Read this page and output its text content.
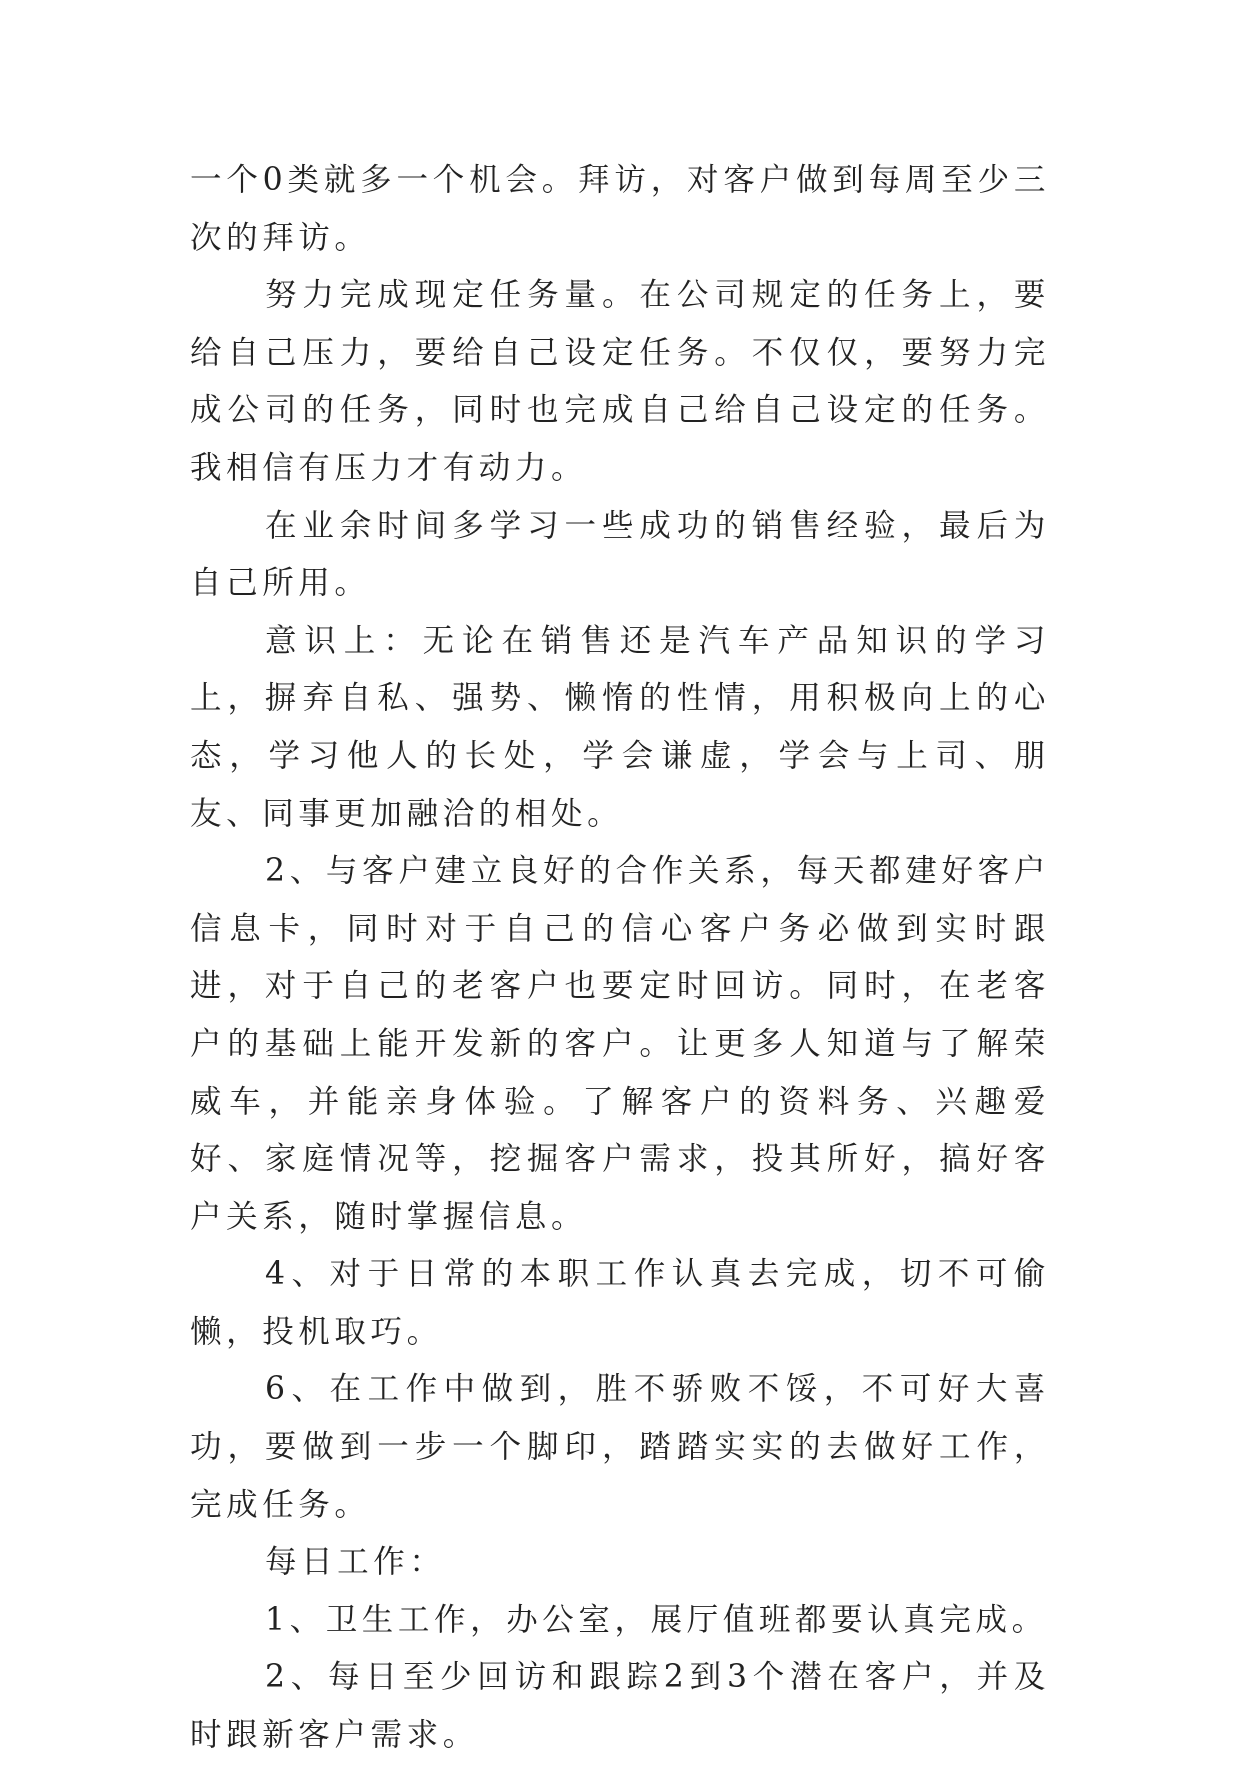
一个0类就多一个机会。拜访，对客户做到每周至少三次的拜访。

努力完成现定任务量。在公司规定的任务上，要给自己压力，要给自己设定任务。不仅仅，要努力完成公司的任务，同时也完成自己给自己设定的任务。我相信有压力才有动力。

在业余时间多学习一些成功的销售经验，最后为自己所用。

意识上：无论在销售还是汽车产品知识的学习上，摒弃自私、强势、懒惰的性情，用积极向上的心态，学习他人的长处，学会谦虚，学会与上司、朋友、同事更加融洽的相处。

2、与客户建立良好的合作关系，每天都建好客户信息卡，同时对于自己的信心客户务必做到实时跟进，对于自己的老客户也要定时回访。同时，在老客户的基础上能开发新的客户。让更多人知道与了解荣威车，并能亲身体验。了解客户的资料务、兴趣爱好、家庭情况等，挖掘客户需求，投其所好，搞好客户关系，随时掌握信息。

4、对于日常的本职工作认真去完成，切不可偷懒，投机取巧。

6、在工作中做到，胜不骄败不馁，不可好大喜功，要做到一步一个脚印，踏踏实实的去做好工作，完成任务。

每日工作：

1、卫生工作，办公室，展厅值班都要认真完成。

2、每日至少回访和跟踪2到3个潜在客户，并及时跟新客户需求。
